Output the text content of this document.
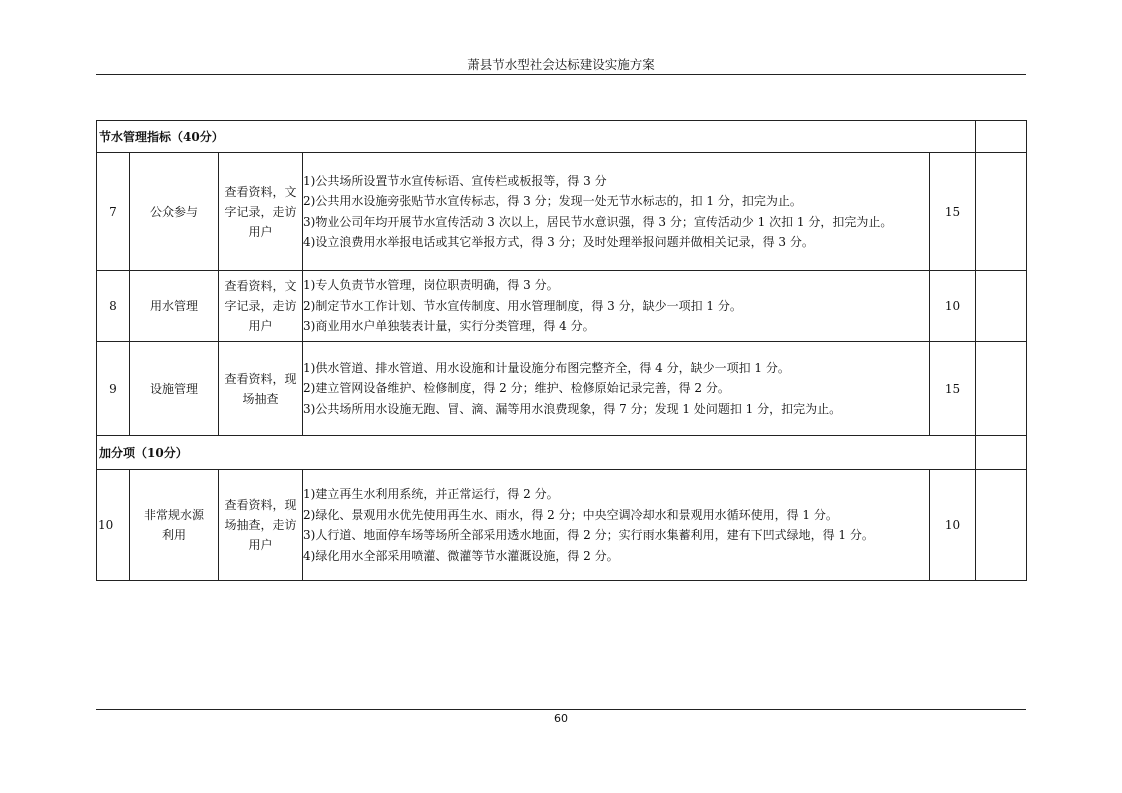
萧县节水型社会达标建设实施方案
节水管理指标（40分）					
7	公众参与	查看资料，文字记录，走访用户	1)公共场所设置节水宣传标语、宣传栏或板报等，得 3 分
2)公共用水设施旁张贴节水宣传标志，得 3 分；发现一处无节水标志的，扣 1 分，扣完为止。
3)物业公司年均开展节水宣传活动 3 次以上，居民节水意识强，得 3 分；宣传活动少 1 次扣 1 分，扣完为止。
4)设立浪费用水举报电话或其它举报方式，得 3 分；及时处理举报问题并做相关记录，得 3 分。	15	
8	用水管理	查看资料，文字记录，走访用户	1)专人负责节水管理，岗位职责明确，得 3 分。
2)制定节水工作计划、节水宣传制度、用水管理制度，得 3 分，缺少一项扣 1 分。
3)商业用水户单独装表计量，实行分类管理，得 4 分。	10	
9	设施管理	查看资料，现场抽查	1)供水管道、排水管道、用水设施和计量设施分布图完整齐全，得 4 分，缺少一项扣 1 分。
2)建立管网设备维护、检修制度，得 2 分；维护、检修原始记录完善，得 2 分。
3)公共场所用水设施无跑、冒、滴、漏等用水浪费现象，得 7 分；发现 1 处问题扣 1 分，扣完为止。	15	
加分项（10分）					
10	非常规水源利用	查看资料，现场抽查，走访用户	1)建立再生水利用系统，并正常运行，得 2 分。
2)绿化、景观用水优先使用再生水、雨水，得 2 分；中央空调冷却水和景观用水循环使用，得 1 分。
3)人行道、地面停车场等场所全部采用透水地面，得 2 分；实行雨水集蓄利用，建有下凹式绿地，得 1 分。
4)绿化用水全部采用喷灌、微灌等节水灌溉设施，得 2 分。	10	
60
